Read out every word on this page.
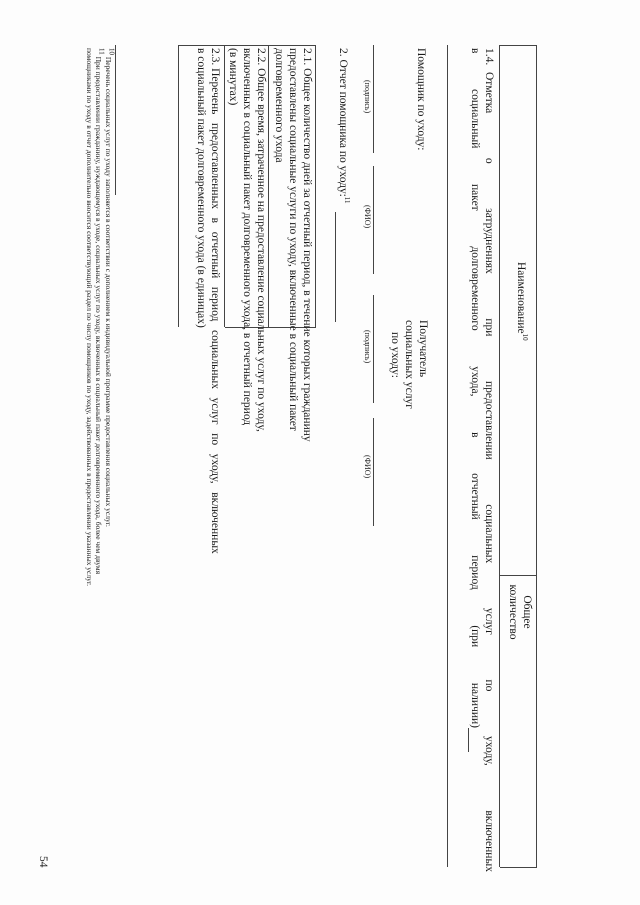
Наименование$^{10}$
Общее
количество
1.4.
Отметка
о
затрудненнях
при
предоставлении
социальных
услуг
по
уходу,
включенных
в
социальный
пакет
долговременного
ухода,
в
отчетный
период
(при
наличии)
Помощник по уходу:
Получатель
социальных услуг
по уходу:
(подпись)
(ФИО)
(подпись)
(ФИО)
2. Отчет помощника по уходу:$^{11}$
2.1. Общее количество дней за отчетный период, в течение которых гражданину
предоставлены социальные услуги по уходу, включенные в социальный пакет
долговременного ухода
2.2. Общее время, затраченное на предоставление социальных услуг по уходу,
включенных в социальный пакет долговременного ухода, в отчетный период
(в минутах)
2.3. Перечень   предоставленных   в   отчетный   период   социальных   услуг   по   уходу,   включенных
в социальный пакет долговременного ухода (в единицах)
$^{10}$ Перечень социальных услуг по уходу заполняется в соответствии с дополнением к индивидуальной программе предоставления социальных услуг.
$^{11}$ При предоставлении гражданину, нуждающемуся в уходе, социальных услуг по уходу, включенных в социальный пакет долговременного ухода, более чем двумя
помощниками по уходу в отчет дополнительно вносится соответствующий раздел по числу помощников по уходу, задействованных в предоставлении указанных услуг.
54
